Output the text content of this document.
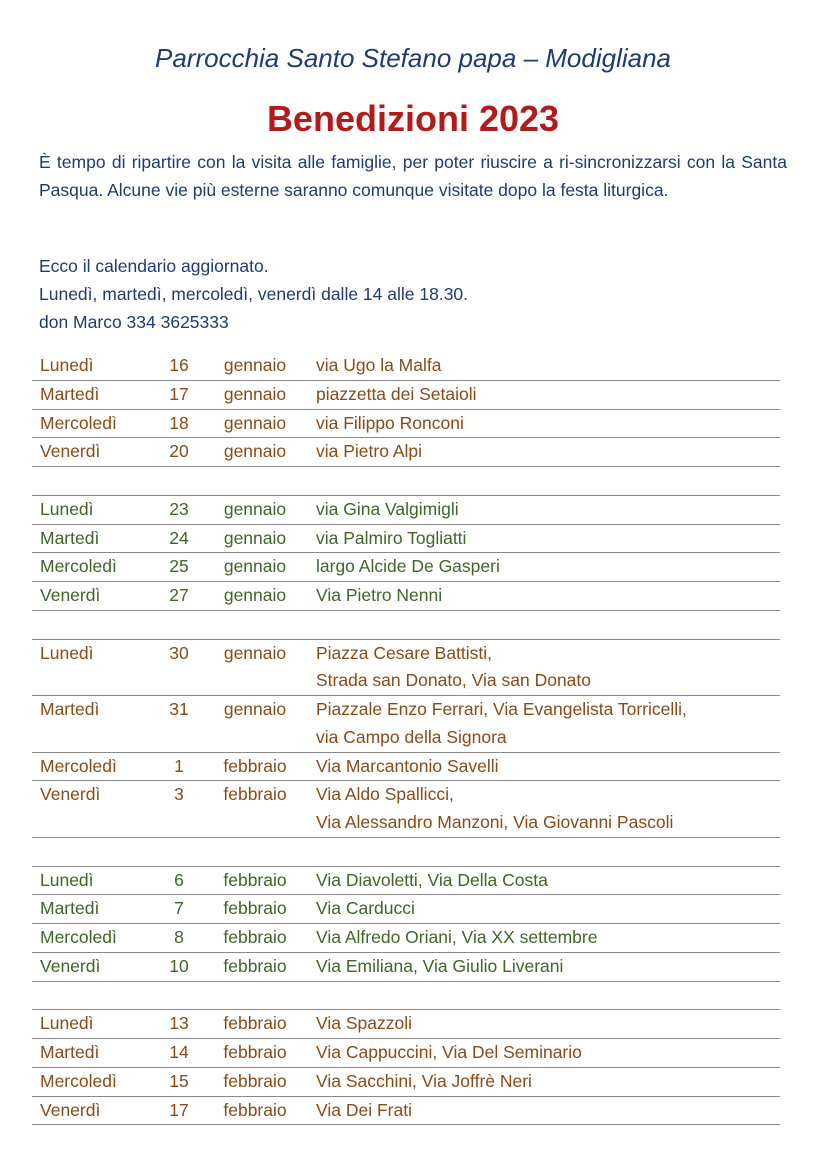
Parrocchia Santo Stefano papa – Modigliana
Benedizioni 2023
È tempo di ripartire con la visita alle famiglie, per poter riuscire a ri-sincronizzarsi con la Santa Pasqua. Alcune vie più esterne saranno comunque visitate dopo la festa liturgica.
Ecco il calendario aggiornato.
Lunedì, martedì, mercoledì, venerdì dalle 14 alle 18.30.
don Marco 334 3625333
Lunedì	16	gennaio	via Ugo la Malfa
Martedì	17	gennaio	piazzetta dei Setaioli
Mercoledì	18	gennaio	via Filippo Ronconi
Venerdì	20	gennaio	via Pietro Alpi
Lunedì	23	gennaio	via Gina Valgimigli
Martedì	24	gennaio	via Palmiro Togliatti
Mercoledì	25	gennaio	largo Alcide De Gasperi
Venerdì	27	gennaio	Via Pietro Nenni
Lunedì	30	gennaio	Piazza Cesare Battisti,
Strada san Donato, Via san Donato
Martedì	31	gennaio	Piazzale Enzo Ferrari, Via Evangelista Torricelli,
via Campo della Signora
Mercoledì	1	febbraio	Via Marcantonio Savelli
Venerdì	3	febbraio	Via Aldo Spallicci,
Via Alessandro Manzoni, Via Giovanni Pascoli
Lunedì	6	febbraio	Via Diavoletti, Via Della Costa
Martedì	7	febbraio	Via Carducci
Mercoledì	8	febbraio	Via Alfredo Oriani, Via XX settembre
Venerdì	10	febbraio	Via Emiliana, Via Giulio Liverani
Lunedì	13	febbraio	Via Spazzoli
Martedì	14	febbraio	Via Cappuccini, Via Del Seminario
Mercoledì	15	febbraio	Via Sacchini, Via Joffrè Neri
Venerdì	17	febbraio	Via Dei Frati
